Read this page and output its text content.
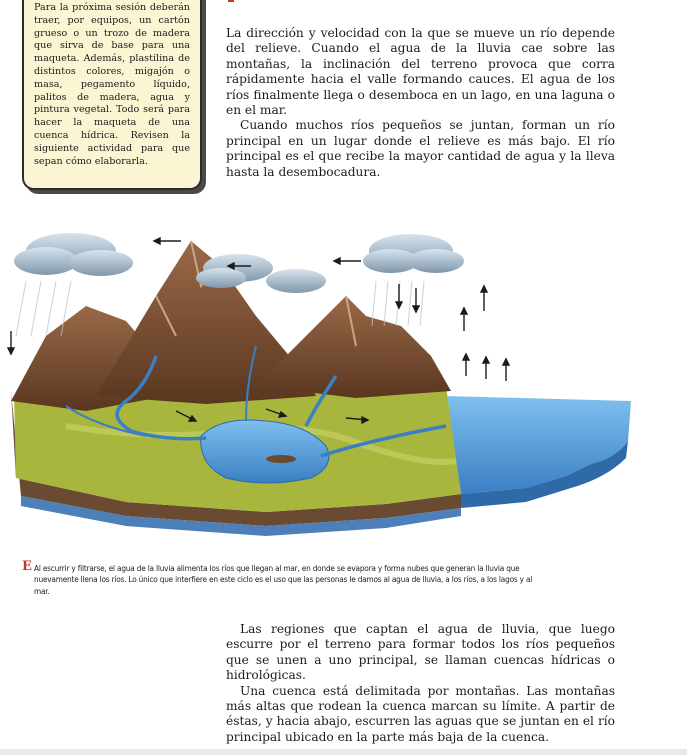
Para la próxima sesión deberán traer, por equipos, un cartón grueso o un trozo de madera que sirva de base para una maqueta. Además, plastilina de distintos colores, migajón o masa, pegamento líquido, palitos de madera, agua y pintura vegetal. Todo será para hacer la maqueta de una cuenca hídrica. Revisen la siguiente actividad para que sepan cómo elaborarla.

La dirección y velocidad con la que se mueve un río depende del relieve. Cuando el agua de la lluvia cae sobre las montañas, la inclinación del terreno provoca que corra rápidamente hacia el valle formando cauces. El agua de los ríos finalmente llega o desemboca en un lago, en una laguna o en el mar.

Cuando muchos ríos pequeños se juntan, forman un río principal en un lugar donde el relieve es más bajo. El río principal es el que recibe la mayor cantidad de agua y la lleva hasta la desembocadura.

E Al escurrir y filtrarse, el agua de la lluvia alimenta los ríos que llegan al mar, en donde se evapora y forma nubes que generan la lluvia que nuevamente llena los ríos. Lo único que interfiere en este ciclo es el uso que las personas le damos al agua de lluvia, a los ríos, a los lagos y al mar.

Las regiones que captan el agua de lluvia, que luego escurre por el terreno para formar todos los ríos pequeños que se unen a uno principal, se llaman cuencas hídricas o hidrológicas.

Una cuenca está delimitada por montañas. Las montañas más altas que rodean la cuenca marcan su límite. A partir de éstas, y hacia abajo, escurren las aguas que se juntan en el río principal ubicado en la parte más baja de la cuenca.
